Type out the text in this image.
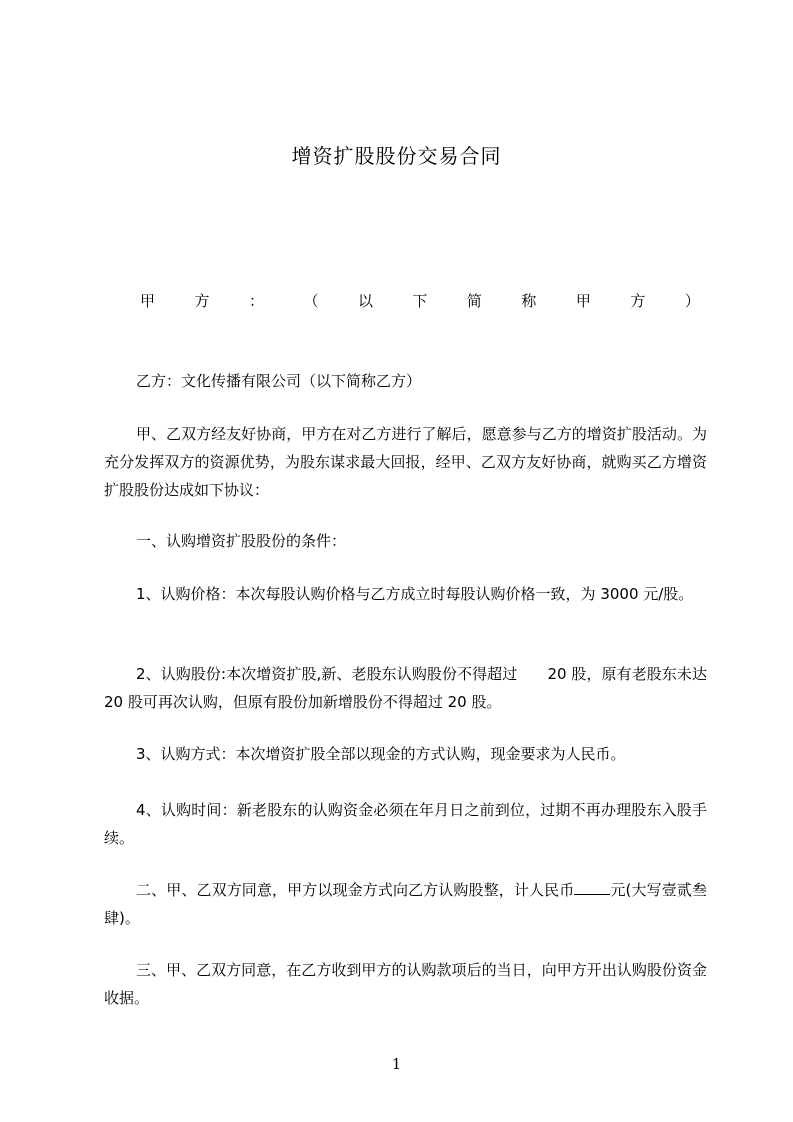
增资扩股股份交易合同
甲	方	：	（	以	下	简	称	甲	方	）

乙方：文化传播有限公司（以下简称乙方）

甲、乙双方经友好协商，甲方在对乙方进行了解后，愿意参与乙方的增资扩股活动。为充分发挥双方的资源优势，为股东谋求最大回报，经甲、乙双方友好协商，就购买乙方增资扩股股份达成如下协议：

一、认购增资扩股股份的条件：

1、认购价格：本次每股认购价格与乙方成立时每股认购价格一致，为 3000 元/股。

2、认购股份:本次增资扩股,新、老股东认购股份不得超过　　20 股，原有老股东未达 20 股可再次认购，但原有股份加新增股份不得超过 20 股。

3、认购方式：本次增资扩股全部以现金的方式认购，现金要求为人民币。

4、认购时间：新老股东的认购资金必须在年月日之前到位，过期不再办理股东入股手续。

二、甲、乙双方同意，甲方以现金方式向乙方认购股整，计人民币 元(大写壹贰叁肆)。

三、甲、乙双方同意，在乙方收到甲方的认购款项后的当日，向甲方开出认购股份资金收据。

1
